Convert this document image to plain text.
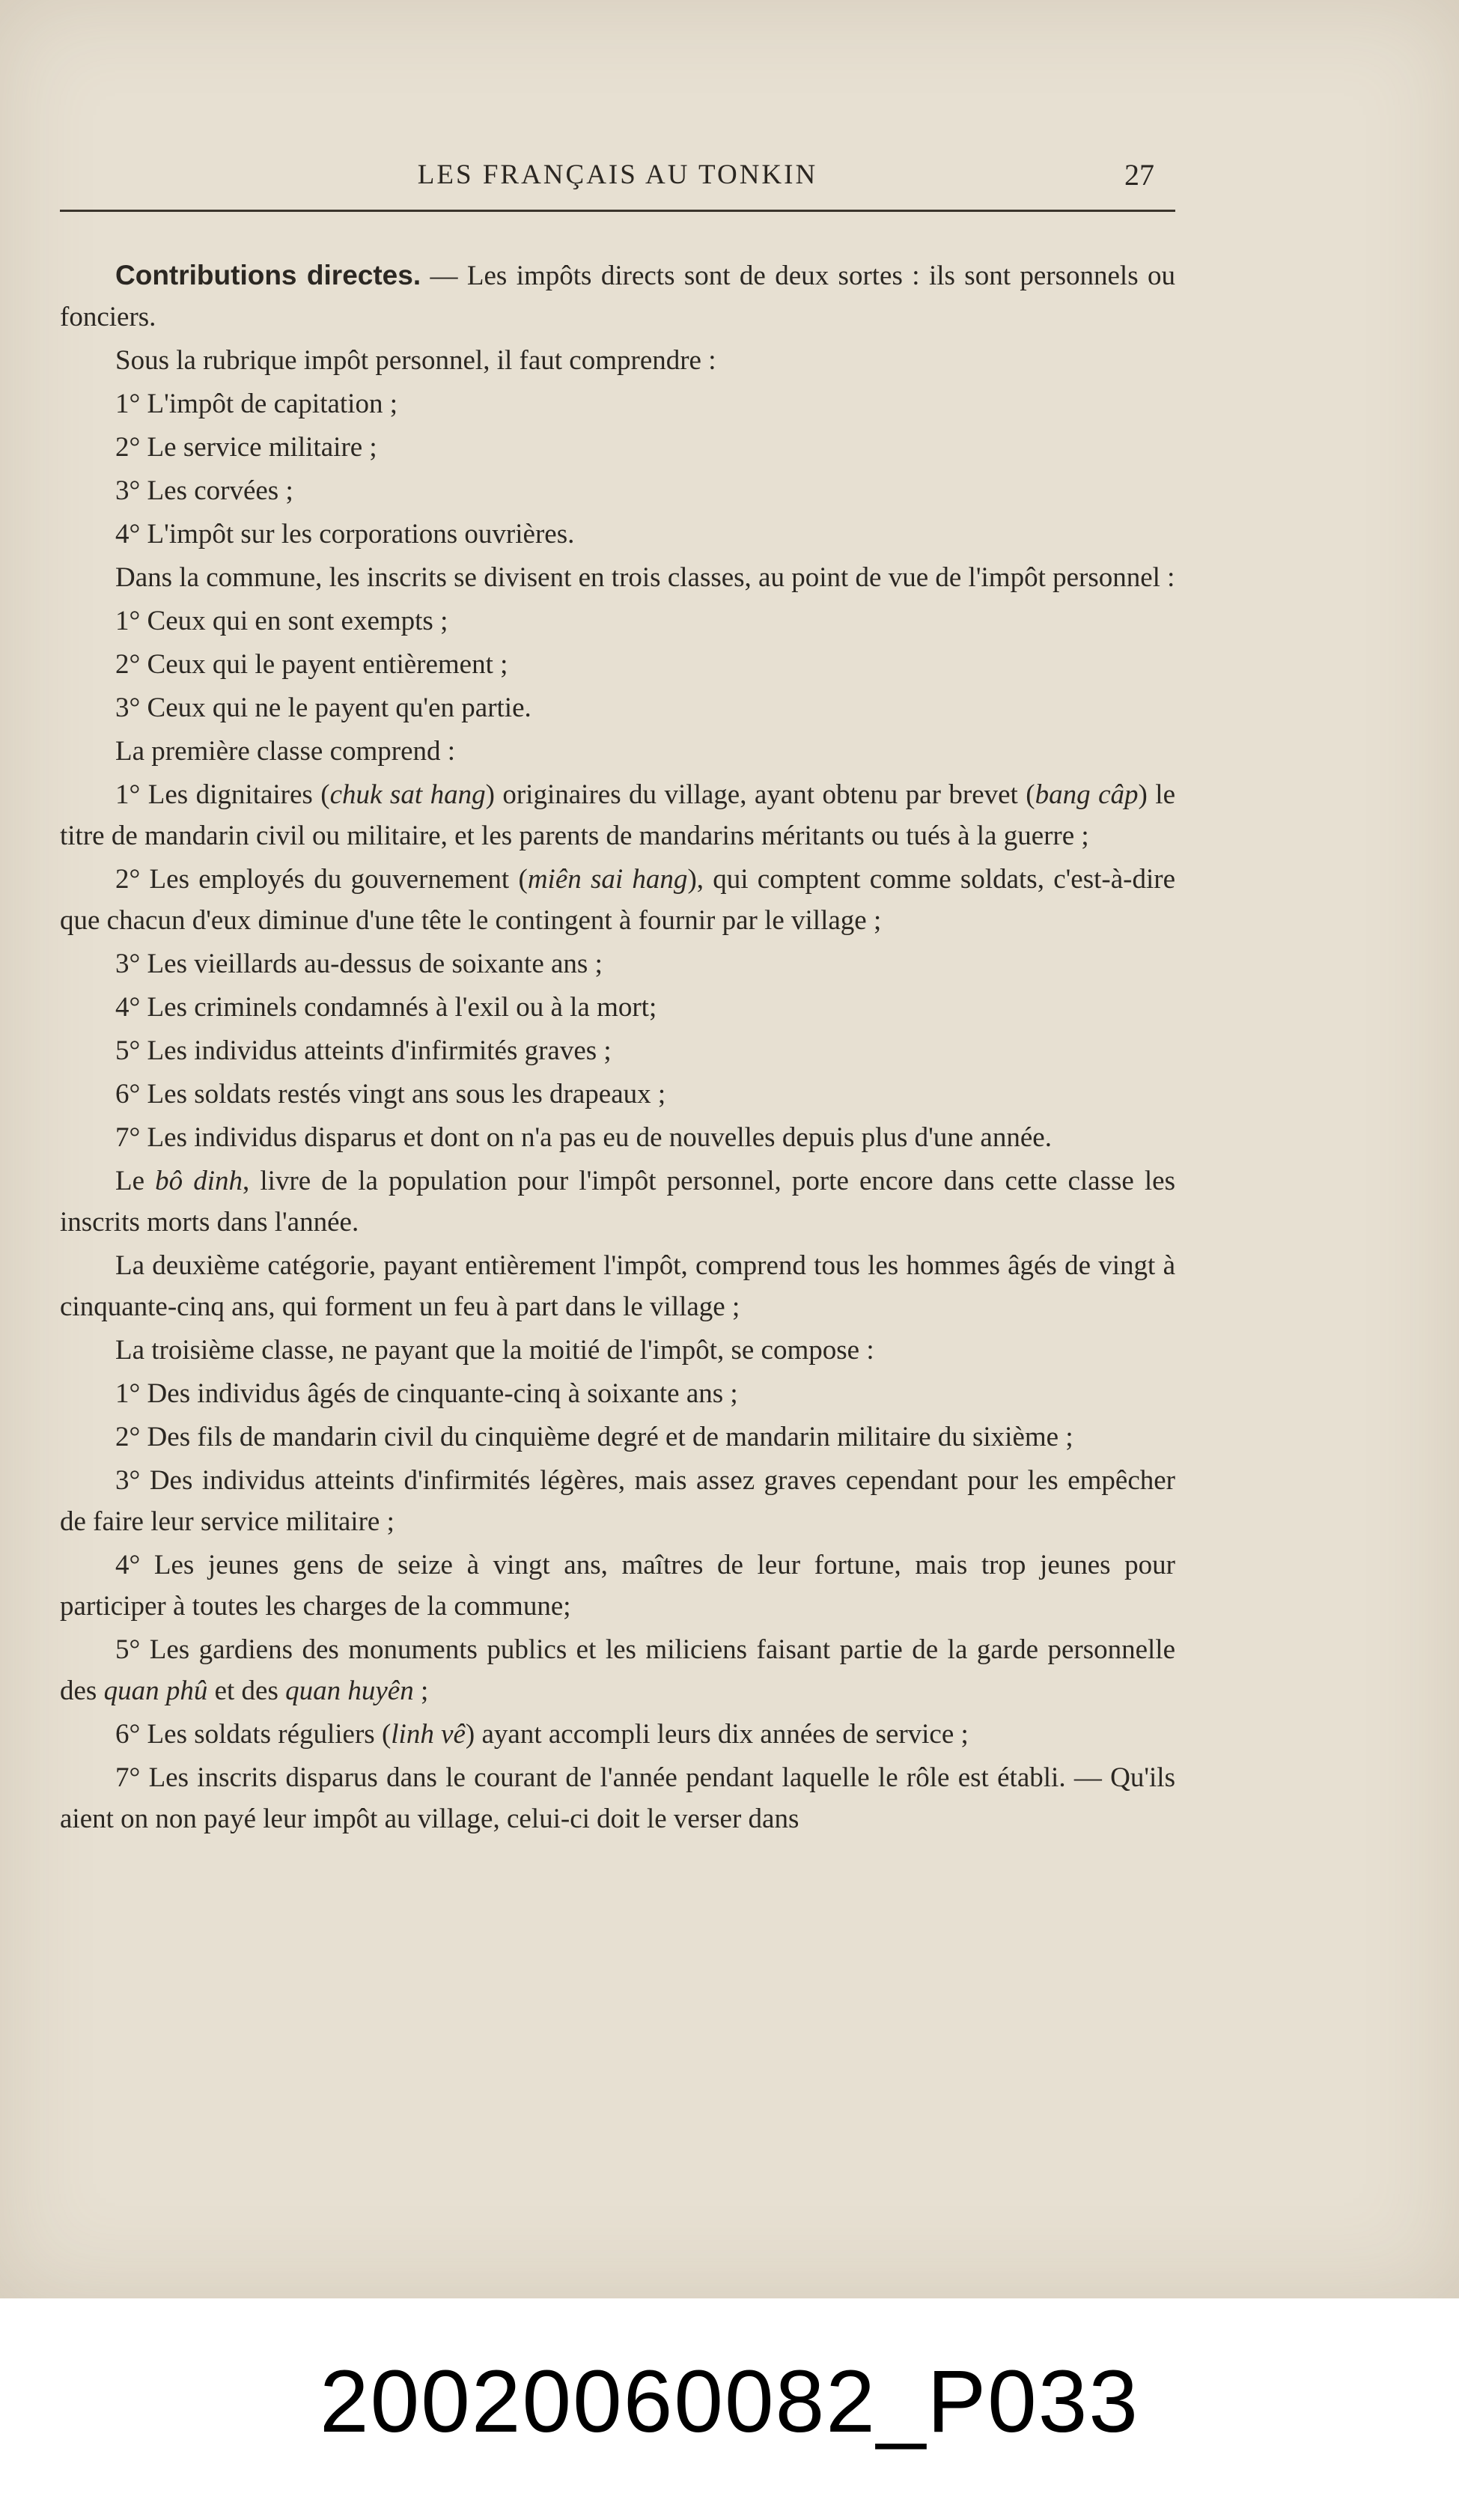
LES FRANÇAIS AU TONKIN	27

Contributions directes. — Les impôts directs sont de deux sortes : ils sont personnels ou fonciers.

Sous la rubrique impôt personnel, il faut comprendre :

1° L'impôt de capitation ;

2° Le service militaire ;

3° Les corvées ;

4° L'impôt sur les corporations ouvrières.

Dans la commune, les inscrits se divisent en trois classes, au point de vue de l'impôt personnel :

1° Ceux qui en sont exempts ;

2° Ceux qui le payent entièrement ;

3° Ceux qui ne le payent qu'en partie.

La première classe comprend :

1° Les dignitaires (chuk sat hang) originaires du village, ayant obtenu par brevet (bang câp) le titre de mandarin civil ou militaire, et les parents de mandarins méritants ou tués à la guerre ;

2° Les employés du gouvernement (miên sai hang), qui comptent comme soldats, c'est-à-dire que chacun d'eux diminue d'une tête le contingent à fournir par le village ;

3° Les vieillards au-dessus de soixante ans ;

4° Les criminels condamnés à l'exil ou à la mort;

5° Les individus atteints d'infirmités graves ;

6° Les soldats restés vingt ans sous les drapeaux ;

7° Les individus disparus et dont on n'a pas eu de nouvelles depuis plus d'une année.

Le bô dinh, livre de la population pour l'impôt personnel, porte encore dans cette classe les inscrits morts dans l'année.

La deuxième catégorie, payant entièrement l'impôt, comprend tous les hommes âgés de vingt à cinquante-cinq ans, qui forment un feu à part dans le village ;

La troisième classe, ne payant que la moitié de l'impôt, se compose :

1° Des individus âgés de cinquante-cinq à soixante ans ;

2° Des fils de mandarin civil du cinquième degré et de mandarin militaire du sixième ;

3° Des individus atteints d'infirmités légères, mais assez graves cependant pour les empêcher de faire leur service militaire ;

4° Les jeunes gens de seize à vingt ans, maîtres de leur fortune, mais trop jeunes pour participer à toutes les charges de la commune;

5° Les gardiens des monuments publics et les miliciens faisant partie de la garde personnelle des quan phû et des quan huyên ;

6° Les soldats réguliers (linh vê) ayant accompli leurs dix années de service ;

7° Les inscrits disparus dans le courant de l'année pendant laquelle le rôle est établi. — Qu'ils aient on non payé leur impôt au village, celui-ci doit le verser dans

20020060082_P033
